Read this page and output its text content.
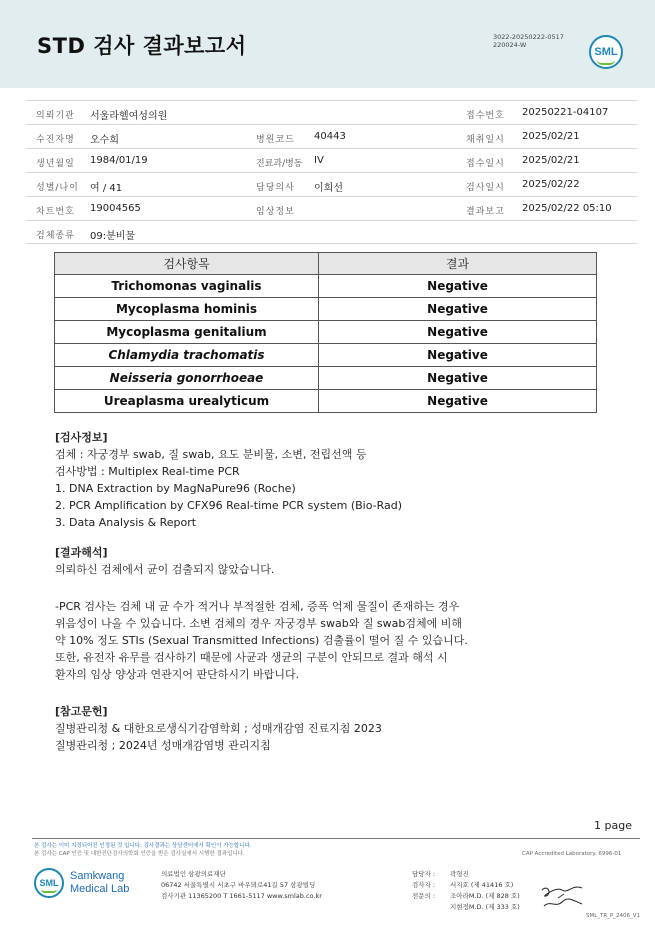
STD 검사 결과보고서	3022-20250222-0517
220024-W
SML
의뢰기관 서울라헬여성의원	접수번호 20250221-04107
수진자명 오수희	병원코드 40443	채취일시 2025/02/21
생년월일 1984/01/19	진료과/병동 IV	접수일시 2025/02/21
성별/나이 여 / 41	담당의사 이희선	검사일시 2025/02/22
차트번호 19004565	임상정보	결과보고 2025/02/22 05:10
검체종류 09:분비물
검사항목	결과
Trichomonas vaginalis	Negative
Mycoplasma hominis	Negative
Mycoplasma genitalium	Negative
Chlamydia trachomatis	Negative
Neisseria gonorrhoeae	Negative
Ureaplasma urealyticum	Negative
[검사정보]
검체 : 자궁경부 swab, 질 swab, 요도 분비물, 소변, 전립선액 등
검사방법 : Multiplex Real-time PCR
1. DNA Extraction by MagNaPure96 (Roche)
2. PCR Amplification by CFX96 Real-time PCR system (Bio-Rad)
3. Data Analysis & Report
[결과해석]
의뢰하신 검체에서 균이 검출되지 않았습니다.
-PCR 검사는 검체 내 균 수가 적거나 부적절한 검체, 증폭 억제 물질이 존재하는 경우
위음성이 나올 수 있습니다. 소변 검체의 경우 자궁경부 swab와 질 swab검체에 비해
약 10% 정도 STIs (Sexual Transmitted Infections) 검출률이 떨어 질 수 있습니다.
또한, 유전자 유무를 검사하기 때문에 사균과 생균의 구분이 안되므로 결과 해석 시
환자의 임상 양상과 연관지어 판단하시기 바랍니다.
[참고문헌]
질병관리청 & 대한요로생식기감염학회 ; 성매개감염 진료지침 2023
질병관리청 ; 2024년 성매개감염병 관리지침
1 page
본 검사는 이미 지정되어진 인정된 것 입니다. 검사결과는 상담센터에서 확인이 가능합니다.
본 검사는 CAP 인증 및 대한진단검사의학회 인증을 받은 검사실에서 시행한 결과입니다.	CAP Accredited Laboratory. 6996-01
SML
Samkwang
Medical Lab
의료법인 삼광의료재단
06742 서울특별시 서초구 바우뫼로41길 57 삼광빌딩
검사기관 11365200 T 1661-5117 www.smlab.co.kr
담당자 :
검사자 :
전문의 :
곽형진
서지호 (제 41416 호)
조아라M.D. (제 828 호)
지현정M.D. (제 333 호)
SML_TR_P_2406_V1
